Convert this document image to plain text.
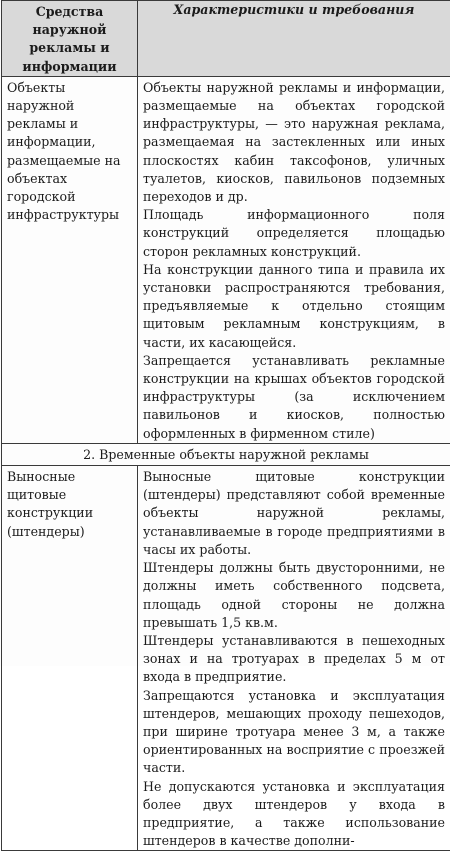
Средства наружной рекламы и информации	Характеристики и требования
Объекты наружной рекламы и информации, размещаемые на объектах городской инфраструктуры	Объекты наружной рекламы и информации, размещаемые на объектах городской инфраструктуры, — это наружная реклама, размещаемая на застекленных или иных плоскостях кабин таксофонов, уличных туалетов, киосков, павильонов подземных переходов и др.

Площадь информационного поля конструкций определяется площадью сторон рекламных конструкций.

На конструкции данного типа и правила их установки распространяются требования, предъявляемые к отдельно стоящим щитовым рекламным конструкциям, в части, их касающейся.

Запрещается устанавливать рекламные конструкции на крышах объектов городской инфраструктуры (за исключением павильонов и киосков, полностью оформленных в фирменном стиле)

2. Временные объекты наружной рекламы	
Выносные щитовые конструкции (штендеры)	Выносные щитовые конструкции (штендеры) представляют собой временные объекты наружной рекламы, устанавливаемые в городе предприятиями в часы их работы.

Штендеры должны быть двусторонними, не должны иметь собственного подсвета, площадь одной стороны не должна превышать 1,5 кв.м.

Штендеры устанавливаются в пешеходных зонах и на тротуарах в пределах 5 м от входа в предприятие.

Запрещаются установка и эксплуатация штендеров, мешающих проходу пешеходов, при ширине тротуара менее 3 м, а также ориентированных на восприятие с проезжей части.

Не допускаются установка и эксплуатация более двух штендеров у входа в предприятие, а также использование штендеров в качестве дополни-
